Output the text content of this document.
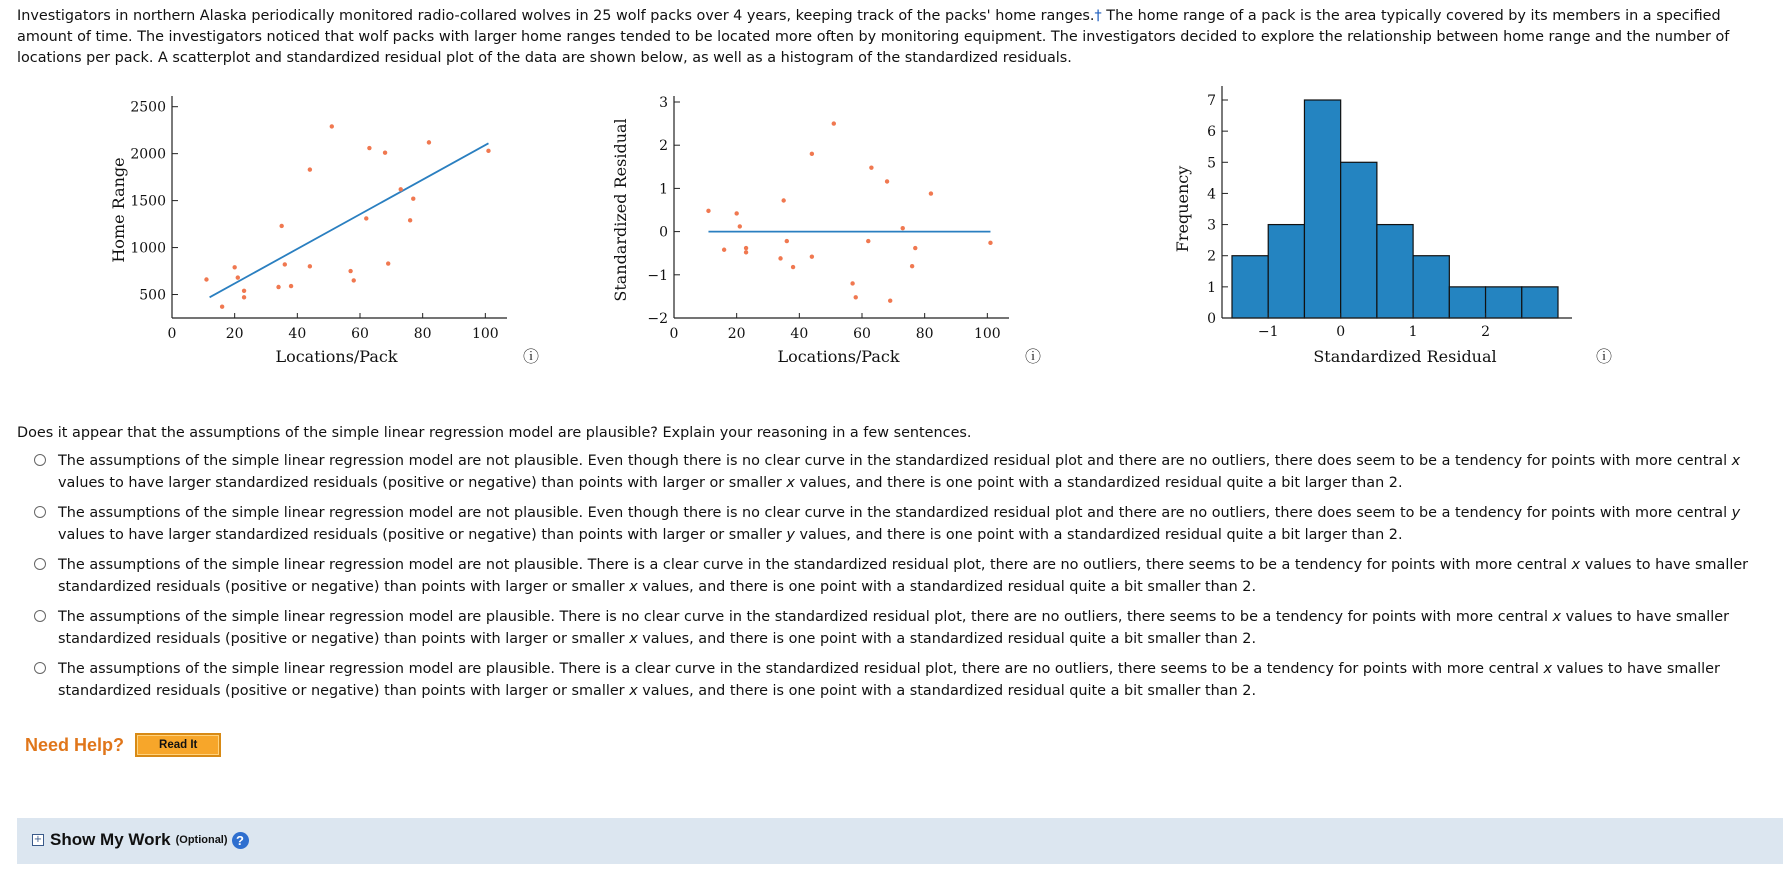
Investigators in northern Alaska periodically monitored radio-collared wolves in 25 wolf packs over 4 years, keeping track of the packs' home ranges.† The home range of a pack is the area typically covered by its members in a specified amount of time. The investigators noticed that wolf packs with larger home ranges tended to be located more often by monitoring equipment. The investigators decided to explore the relationship between home range and the number of locations per pack. A scatterplot and standardized residual plot of the data are shown below, as well as a histogram of the standardized residuals.
0	20	40	60	80	100
500
1000
1500
2000
2500
Locations/Pack
Home Range
ⓘ
0	20	40	60	80	100
−2
−1
0
1
2
3
Locations/Pack
Standardized Residual
ⓘ
0
1
2
3
4
5
6
7
−1	0	1	2
Standardized Residual
Frequency
ⓘ
Does it appear that the assumptions of the simple linear regression model are plausible? Explain your reasoning in a few sentences.
The assumptions of the simple linear regression model are not plausible. Even though there is no clear curve in the standardized residual plot and there are no outliers, there does seem to be a tendency for points with more central x values to have larger standardized residuals (positive or negative) than points with larger or smaller x values, and there is one point with a standardized residual quite a bit larger than 2.
The assumptions of the simple linear regression model are not plausible. Even though there is no clear curve in the standardized residual plot and there are no outliers, there does seem to be a tendency for points with more central y values to have larger standardized residuals (positive or negative) than points with larger or smaller y values, and there is one point with a standardized residual quite a bit larger than 2.
The assumptions of the simple linear regression model are not plausible. There is a clear curve in the standardized residual plot, there are no outliers, there seems to be a tendency for points with more central x values to have smaller standardized residuals (positive or negative) than points with larger or smaller x values, and there is one point with a standardized residual quite a bit smaller than 2.
The assumptions of the simple linear regression model are plausible. There is no clear curve in the standardized residual plot, there are no outliers, there seems to be a tendency for points with more central x values to have smaller standardized residuals (positive or negative) than points with larger or smaller x values, and there is one point with a standardized residual quite a bit smaller than 2.
The assumptions of the simple linear regression model are plausible. There is a clear curve in the standardized residual plot, there are no outliers, there seems to be a tendency for points with more central x values to have smaller standardized residuals (positive or negative) than points with larger or smaller x values, and there is one point with a standardized residual quite a bit smaller than 2.
Need Help?	Read It
+ Show My Work (Optional) ?
